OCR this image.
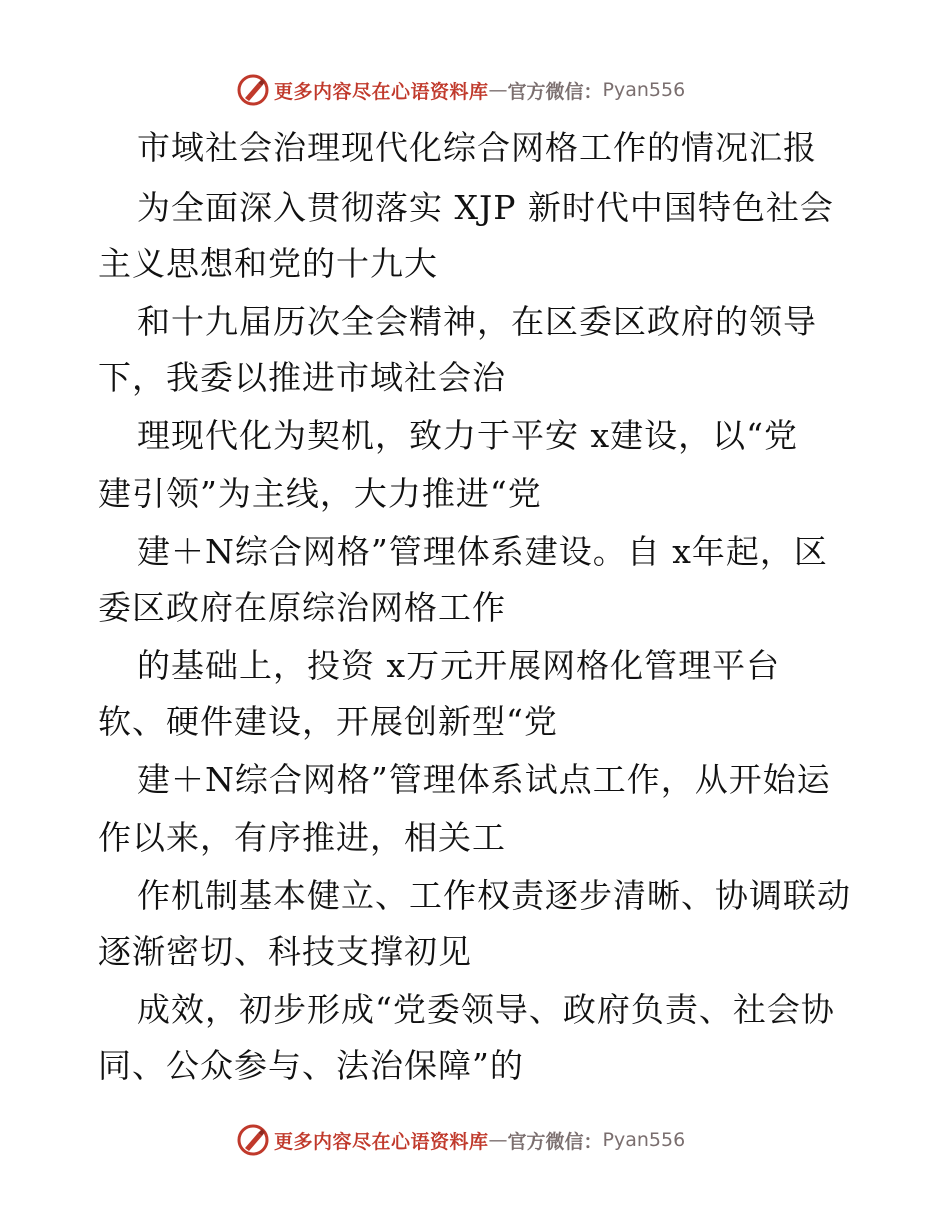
更多内容尽在心语资料库 — 官方微信： Pyan556
市域社会治理现代化综合网格工作的情况汇报
为全面深入贯彻落实 XJP 新时代中国特色社会
主义思想和党的十九大
和十九届历次全会精神，在区委区政府的领导
下，我委以推进市域社会治
理现代化为契机，致力于平安 x建设，以“党
建引领”为主线，大力推进“党
建＋N综合网格”管理体系建设。自 x年起，区
委区政府在原综治网格工作
的基础上，投资 x万元开展网格化管理平台
软、硬件建设，开展创新型“党
建＋N综合网格”管理体系试点工作，从开始运
作以来，有序推进，相关工
作机制基本健立、工作权责逐步清晰、协调联动
逐渐密切、科技支撑初见
成效，初步形成“党委领导、政府负责、社会协
同、公众参与、法治保障”的
更多内容尽在心语资料库 — 官方微信： Pyan556
